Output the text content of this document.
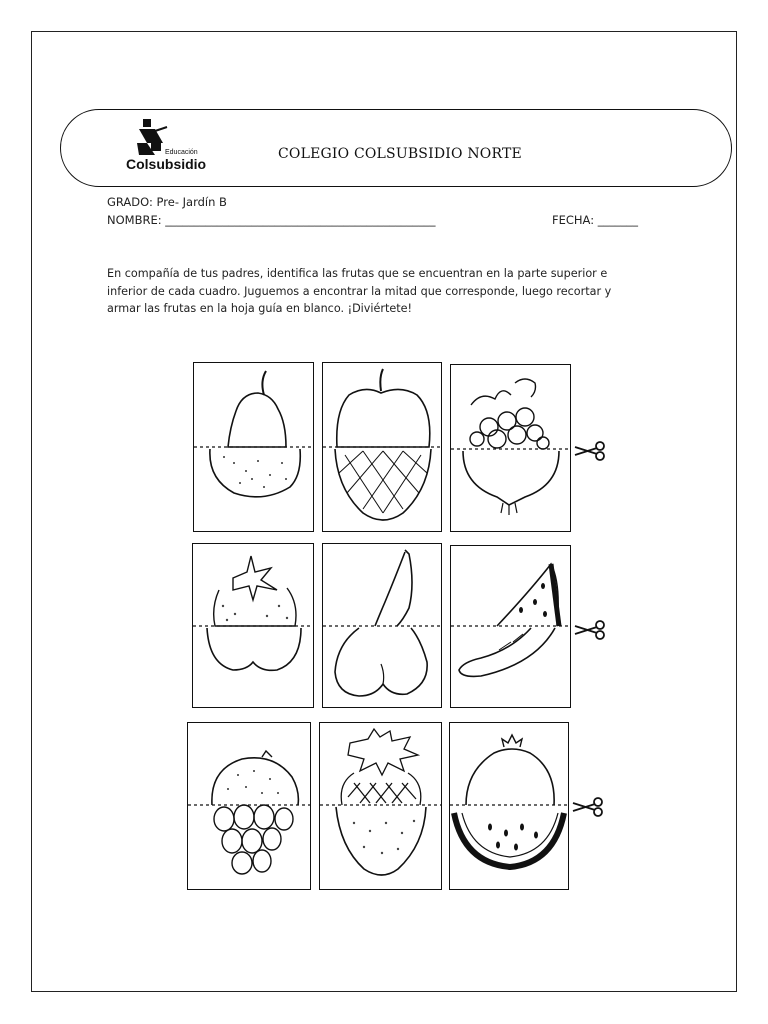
Educación
Colsubsidio
COLEGIO COLSUBSIDIO NORTE
GRADO: Pre- Jardín B
NOMBRE: _______________________________________________	FECHA: _______

En compañía de tus padres, identifica las frutas que se encuentran en la parte superior e

inferior de cada cuadro. Juguemos a encontrar la mitad que corresponde, luego recortar y

armar las frutas en la hoja guía en blanco. ¡Diviértete!
